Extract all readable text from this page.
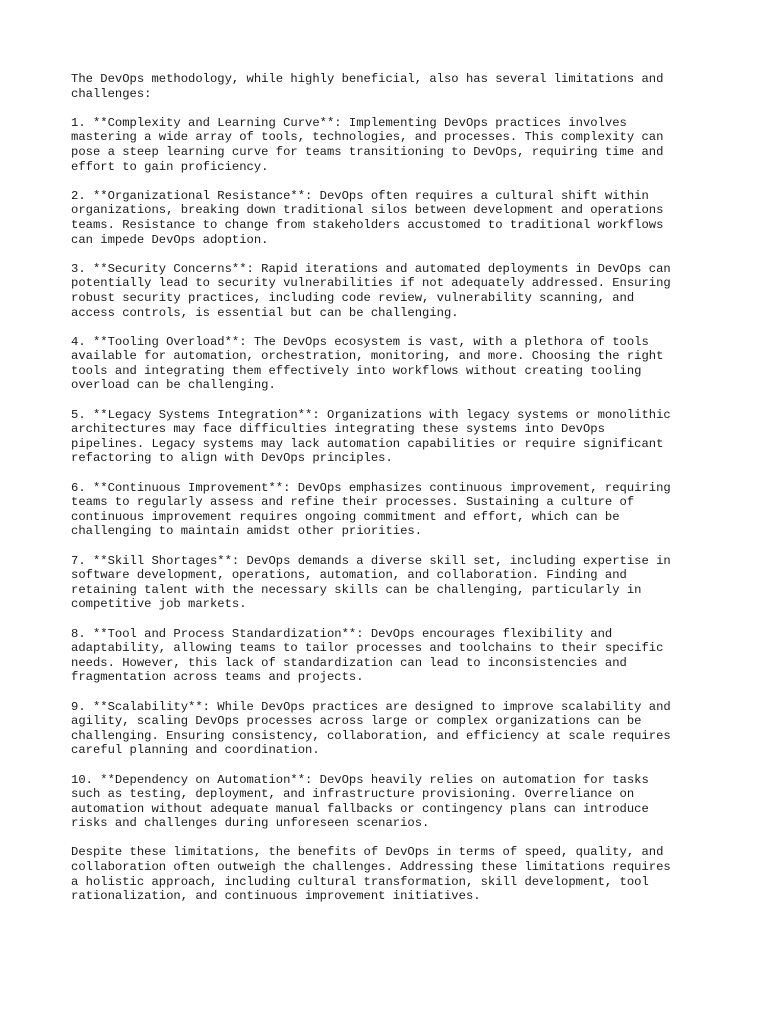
The DevOps methodology, while highly beneficial, also has several limitations and
challenges:

1. **Complexity and Learning Curve**: Implementing DevOps practices involves
mastering a wide array of tools, technologies, and processes. This complexity can
pose a steep learning curve for teams transitioning to DevOps, requiring time and
effort to gain proficiency.

2. **Organizational Resistance**: DevOps often requires a cultural shift within
organizations, breaking down traditional silos between development and operations
teams. Resistance to change from stakeholders accustomed to traditional workflows
can impede DevOps adoption.

3. **Security Concerns**: Rapid iterations and automated deployments in DevOps can
potentially lead to security vulnerabilities if not adequately addressed. Ensuring
robust security practices, including code review, vulnerability scanning, and
access controls, is essential but can be challenging.

4. **Tooling Overload**: The DevOps ecosystem is vast, with a plethora of tools
available for automation, orchestration, monitoring, and more. Choosing the right
tools and integrating them effectively into workflows without creating tooling
overload can be challenging.

5. **Legacy Systems Integration**: Organizations with legacy systems or monolithic
architectures may face difficulties integrating these systems into DevOps
pipelines. Legacy systems may lack automation capabilities or require significant
refactoring to align with DevOps principles.

6. **Continuous Improvement**: DevOps emphasizes continuous improvement, requiring
teams to regularly assess and refine their processes. Sustaining a culture of
continuous improvement requires ongoing commitment and effort, which can be
challenging to maintain amidst other priorities.

7. **Skill Shortages**: DevOps demands a diverse skill set, including expertise in
software development, operations, automation, and collaboration. Finding and
retaining talent with the necessary skills can be challenging, particularly in
competitive job markets.

8. **Tool and Process Standardization**: DevOps encourages flexibility and
adaptability, allowing teams to tailor processes and toolchains to their specific
needs. However, this lack of standardization can lead to inconsistencies and
fragmentation across teams and projects.

9. **Scalability**: While DevOps practices are designed to improve scalability and
agility, scaling DevOps processes across large or complex organizations can be
challenging. Ensuring consistency, collaboration, and efficiency at scale requires
careful planning and coordination.

10. **Dependency on Automation**: DevOps heavily relies on automation for tasks
such as testing, deployment, and infrastructure provisioning. Overreliance on
automation without adequate manual fallbacks or contingency plans can introduce
risks and challenges during unforeseen scenarios.

Despite these limitations, the benefits of DevOps in terms of speed, quality, and
collaboration often outweigh the challenges. Addressing these limitations requires
a holistic approach, including cultural transformation, skill development, tool
rationalization, and continuous improvement initiatives.
